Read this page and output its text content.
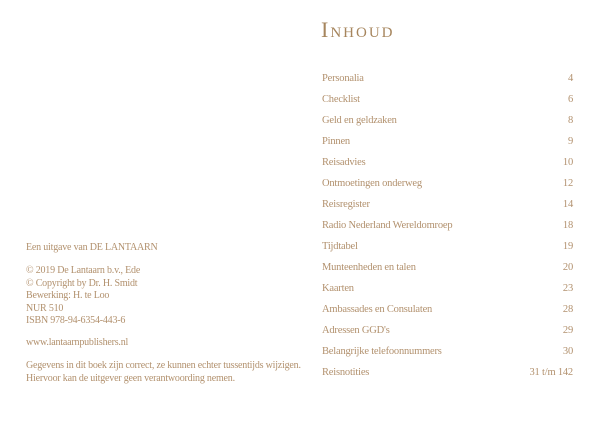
Een uitgave van DE LANTAARN
© 2019 De Lantaarn b.v., Ede
© Copyright by Dr. H. Smidt
Bewerking: H. te Loo
NUR 510
ISBN 978-94-6354-443-6
www.lantaarnpublishers.nl
Gegevens in dit boek zijn correct, ze kunnen echter tussentijds wijzigen.
Hiervoor kan de uitgever geen verantwoording nemen.
Inhoud
Personalia	4
Checklist	6
Geld en geldzaken	8
Pinnen	9
Reisadvies	10
Ontmoetingen onderweg	12
Reisregister	14
Radio Nederland Wereldomroep	18
Tijdtabel	19
Munteenheden en talen	20
Kaarten	23
Ambassades en Consulaten	28
Adressen GGD's	29
Belangrijke telefoonnummers	30
Reisnotities	31 t/m 142
